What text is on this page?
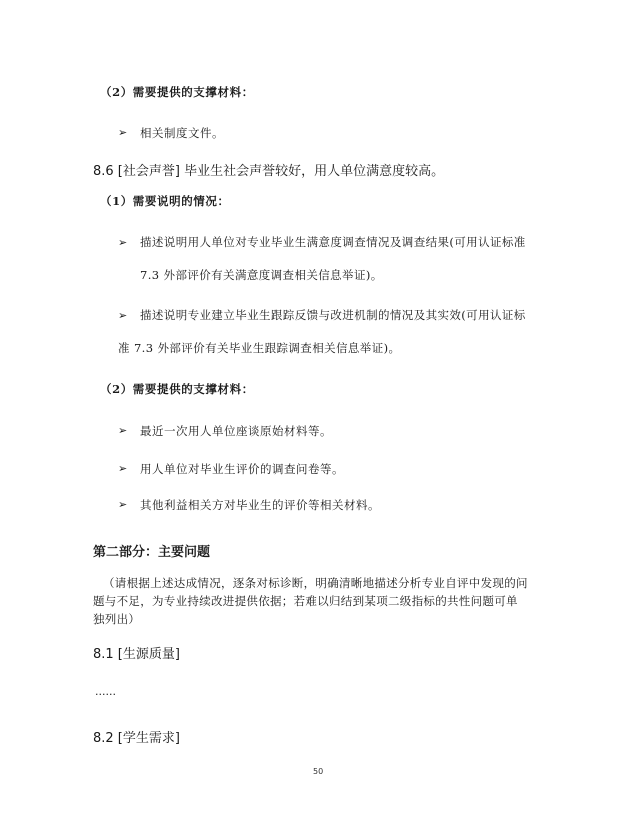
（2）需要提供的支撑材料：
➢ 相关制度文件。
8.6 [社会声誉] 毕业生社会声誉较好，用人单位满意度较高。
（1）需要说明的情况：
➢ 描述说明用人单位对专业毕业生满意度调查情况及调查结果(可用认证标准
7.3 外部评价有关满意度调查相关信息举证)。
➢ 描述说明专业建立毕业生跟踪反馈与改进机制的情况及其实效(可用认证标
准 7.3 外部评价有关毕业生跟踪调查相关信息举证)。
（2）需要提供的支撑材料：
➢ 最近一次用人单位座谈原始材料等。
➢ 用人单位对毕业生评价的调查问卷等。
➢ 其他利益相关方对毕业生的评价等相关材料。
第二部分：主要问题
（请根据上述达成情况，逐条对标诊断，明确清晰地描述分析专业自评中发现的问
题与不足，为专业持续改进提供依据；若难以归结到某项二级指标的共性问题可单
独列出）
8.1 [生源质量]
......
8.2 [学生需求]
50
